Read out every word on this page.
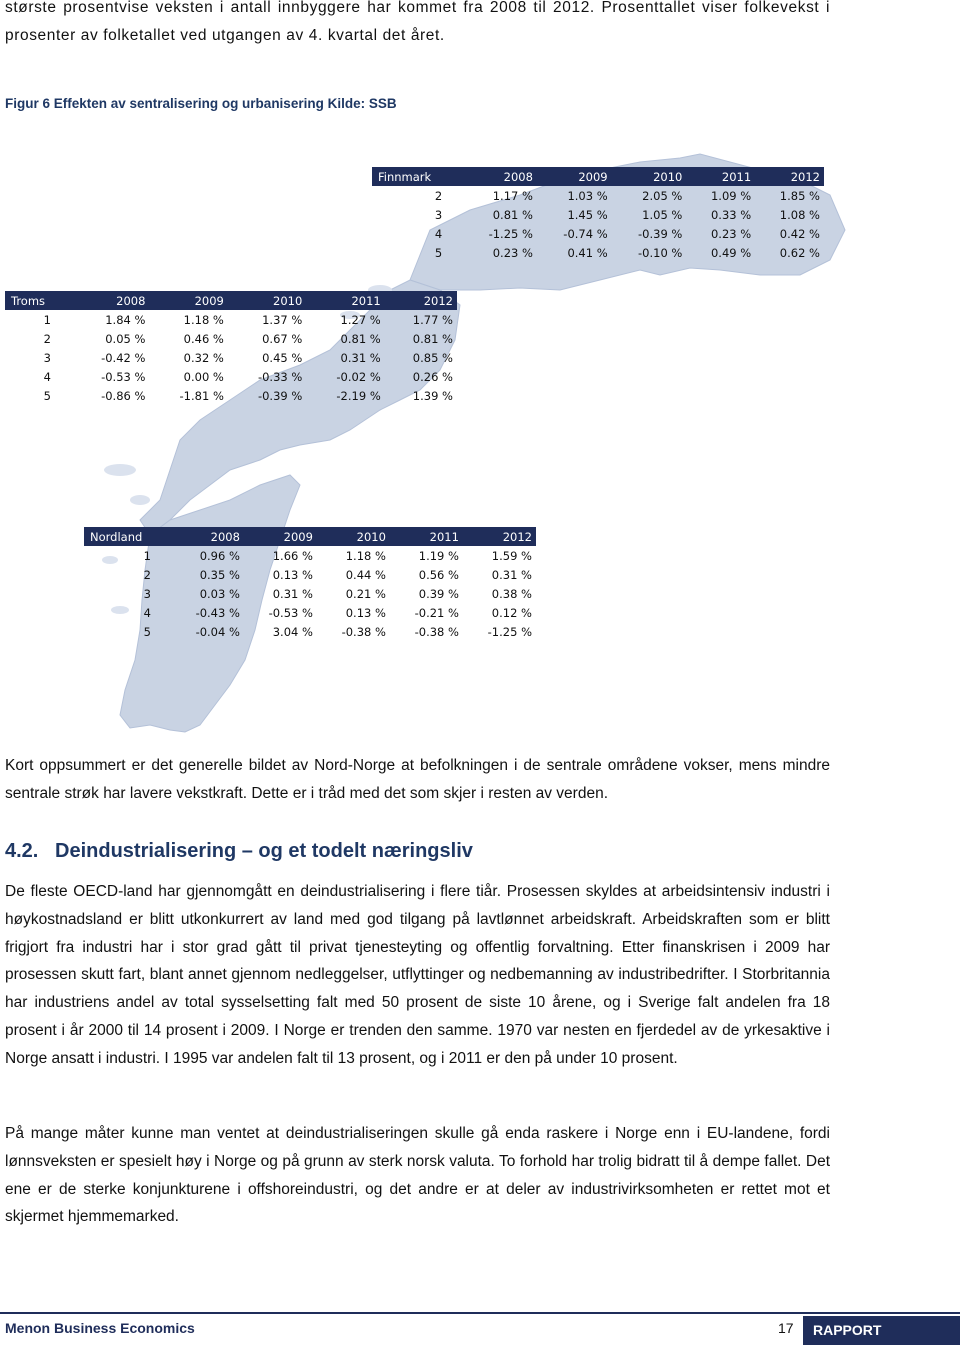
største prosentvise veksten i antall innbyggere har kommet fra 2008 til 2012. Prosenttallet viser folkevekst i prosenter av folketallet ved utgangen av 4. kvartal det året.

Figur 6 Effekten av sentralisering og urbanisering Kilde: SSB

Finnmark	2008	2009	2010	2011	2012
2	1.17 %	1.03 %	2.05 %	1.09 %	1.85 %
3	0.81 %	1.45 %	1.05 %	0.33 %	1.08 %
4	-1.25 %	-0.74 %	-0.39 %	0.23 %	0.42 %
5	0.23 %	0.41 %	-0.10 %	0.49 %	0.62 %
Troms	2008	2009	2010	2011	2012
1	1.84 %	1.18 %	1.37 %	1.27 %	1.77 %
2	0.05 %	0.46 %	0.67 %	0.81 %	0.81 %
3	-0.42 %	0.32 %	0.45 %	0.31 %	0.85 %
4	-0.53 %	0.00 %	-0.33 %	-0.02 %	0.26 %
5	-0.86 %	-1.81 %	-0.39 %	-2.19 %	1.39 %
Nordland	2008	2009	2010	2011	2012
1	0.96 %	1.66 %	1.18 %	1.19 %	1.59 %
2	0.35 %	0.13 %	0.44 %	0.56 %	0.31 %
3	0.03 %	0.31 %	0.21 %	0.39 %	0.38 %
4	-0.43 %	-0.53 %	0.13 %	-0.21 %	0.12 %
5	-0.04 %	3.04 %	-0.38 %	-0.38 %	-1.25 %

Kort oppsummert er det generelle bildet av Nord-Norge at befolkningen i de sentrale områdene vokser, mens mindre sentrale strøk har lavere vekstkraft. Dette er i tråd med det som skjer i resten av verden.

4.2. Deindustrialisering – og et todelt næringsliv

De fleste OECD-land har gjennomgått en deindustrialisering i flere tiår. Prosessen skyldes at arbeidsintensiv industri i høykostnadsland er blitt utkonkurrert av land med god tilgang på lavtlønnet arbeidskraft. Arbeidskraften som er blitt frigjort fra industri har i stor grad gått til privat tjenesteyting og offentlig forvaltning. Etter finanskrisen i 2009 har prosessen skutt fart, blant annet gjennom nedleggelser, utflyttinger og nedbemanning av industribedrifter. I Storbritannia har industriens andel av total sysselsetting falt med 50 prosent de siste 10 årene, og i Sverige falt andelen fra 18 prosent i år 2000 til 14 prosent i 2009. I Norge er trenden den samme. 1970 var nesten en fjerdedel av de yrkesaktive i Norge ansatt i industri. I 1995 var andelen falt til 13 prosent, og i 2011 er den på under 10 prosent.

På mange måter kunne man ventet at deindustrialiseringen skulle gå enda raskere i Norge enn i EU-landene, fordi lønnsveksten er spesielt høy i Norge og på grunn av sterk norsk valuta. To forhold har trolig bidratt til å dempe fallet. Det ene er de sterke konjunkturene i offshoreindustri, og det andre er at deler av industrivirksomheten er rettet mot et skjermet hjemmemarked.

Menon Business Economics	17	RAPPORT
